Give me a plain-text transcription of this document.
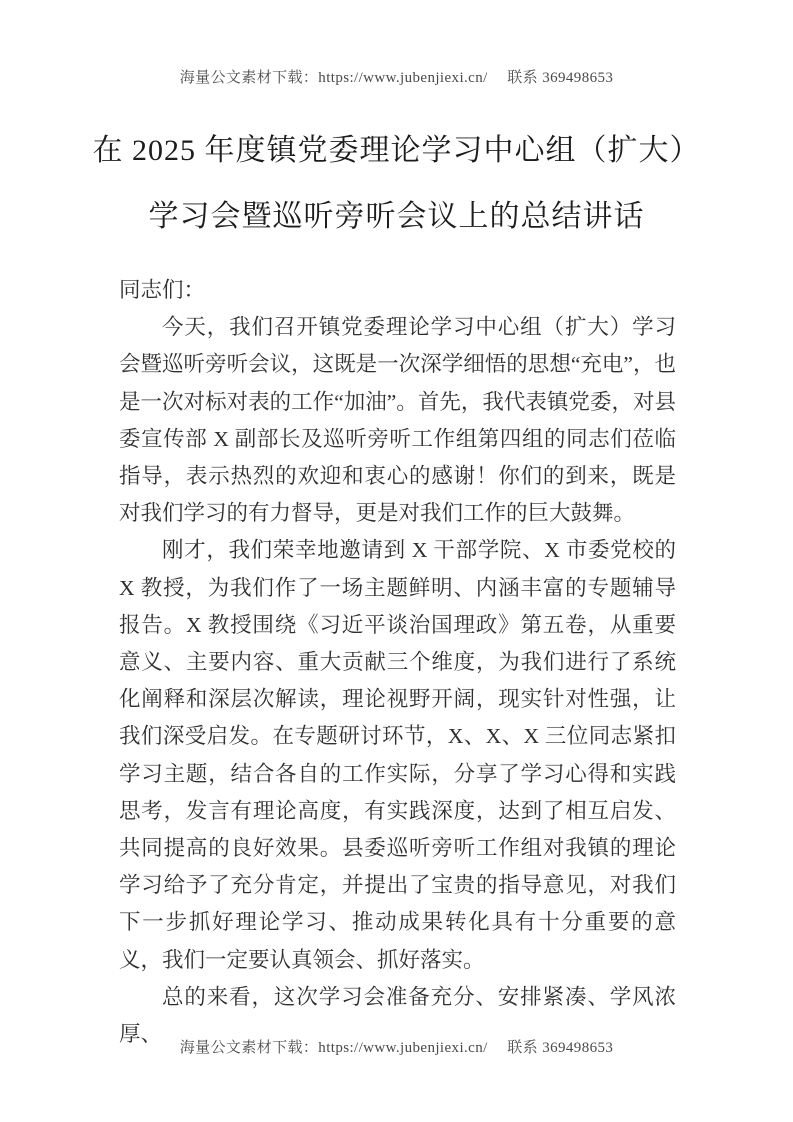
海量公文素材下载：https://www.jubenjiexi.cn/　 联系 369498653
在 2025 年度镇党委理论学习中心组（扩大）
学习会暨巡听旁听会议上的总结讲话

同志们：

今天，我们召开镇党委理论学习中心组（扩大）学习会暨巡听旁听会议，这既是一次深学细悟的思想“充电”，也是一次对标对表的工作“加油”。首先，我代表镇党委，对县委宣传部 X 副部长及巡听旁听工作组第四组的同志们莅临指导，表示热烈的欢迎和衷心的感谢！你们的到来，既是对我们学习的有力督导，更是对我们工作的巨大鼓舞。

刚才，我们荣幸地邀请到 X 干部学院、X 市委党校的 X 教授，为我们作了一场主题鲜明、内涵丰富的专题辅导报告。X 教授围绕《习近平谈治国理政》第五卷，从重要意义、主要内容、重大贡献三个维度，为我们进行了系统化阐释和深层次解读，理论视野开阔，现实针对性强，让我们深受启发。在专题研讨环节，X、X、X 三位同志紧扣学习主题，结合各自的工作实际，分享了学习心得和实践思考，发言有理论高度，有实践深度，达到了相互启发、共同提高的良好效果。县委巡听旁听工作组对我镇的理论学习给予了充分肯定，并提出了宝贵的指导意见，对我们下一步抓好理论学习、推动成果转化具有十分重要的意义，我们一定要认真领会、抓好落实。

总的来看，这次学习会准备充分、安排紧凑、学风浓厚、

海量公文素材下载：https://www.jubenjiexi.cn/　 联系 369498653
